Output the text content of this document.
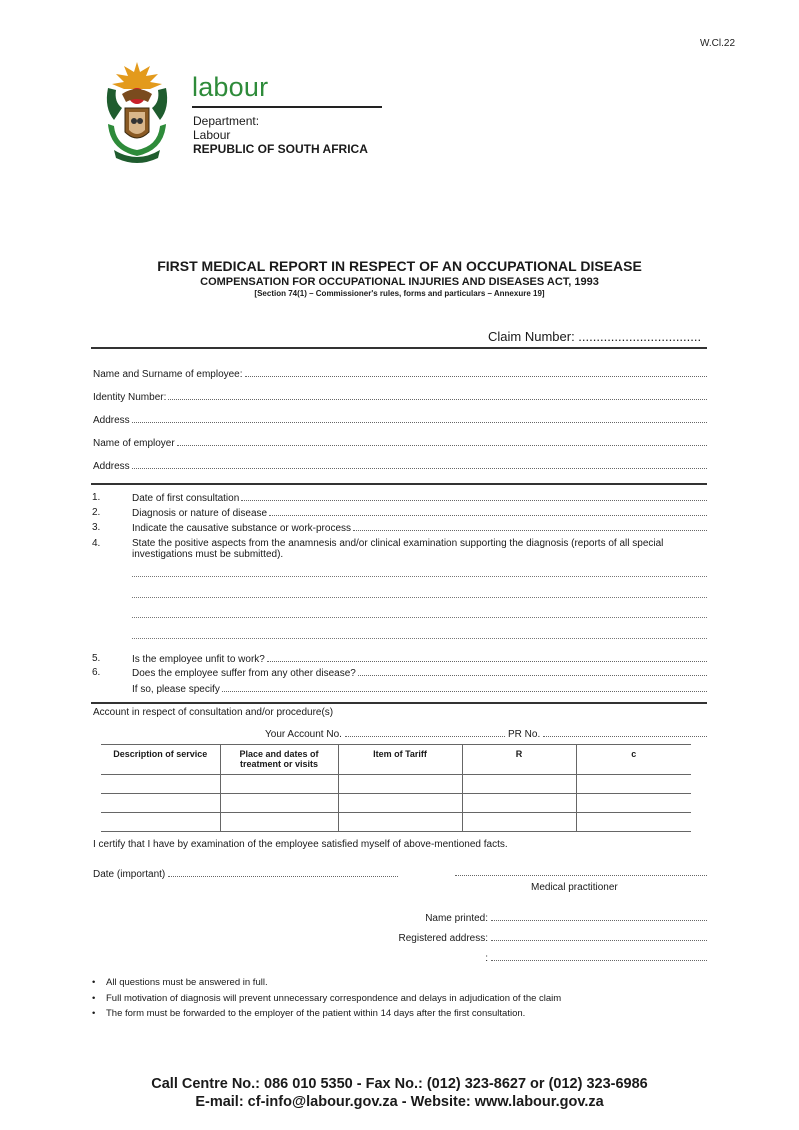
W.Cl.22
labour
Department:
Labour
REPUBLIC OF SOUTH AFRICA
FIRST MEDICAL REPORT IN RESPECT OF AN OCCUPATIONAL DISEASE
COMPENSATION FOR OCCUPATIONAL INJURIES AND DISEASES ACT, 1993
[Section 74(1) – Commissioner's rules, forms and particulars – Annexure 19]
Claim Number: ..................................
Name and Surname of employee:
Identity Number:
Address
Name of employer
Address
1.	Date of first consultation
2.	Diagnosis or nature of disease
3.	Indicate the causative substance or work-process
4.	State the positive aspects from the anamnesis and/or clinical examination supporting the diagnosis (reports of all special investigations must be submitted).
5.	Is the employee unfit to work?
6.	Does the employee suffer from any other disease?
If so, please specify
Account in respect of consultation and/or procedure(s)
Your Account No.	PR No.
Description of service	Place and dates of treatment or visits	Item of Tariff	R	c

I certify that I have by examination of the employee satisfied myself of above-mentioned facts.
Date (important)
Medical practitioner
Name printed:
Registered address:
:
• All questions must be answered in full.
• Full motivation of diagnosis will prevent unnecessary correspondence and delays in adjudication of the claim
• The form must be forwarded to the employer of the patient within 14 days after the first consultation.
Call Centre No.: 086 010 5350 - Fax No.: (012) 323-8627 or (012) 323-6986
E-mail: cf-info@labour.gov.za - Website: www.labour.gov.za
